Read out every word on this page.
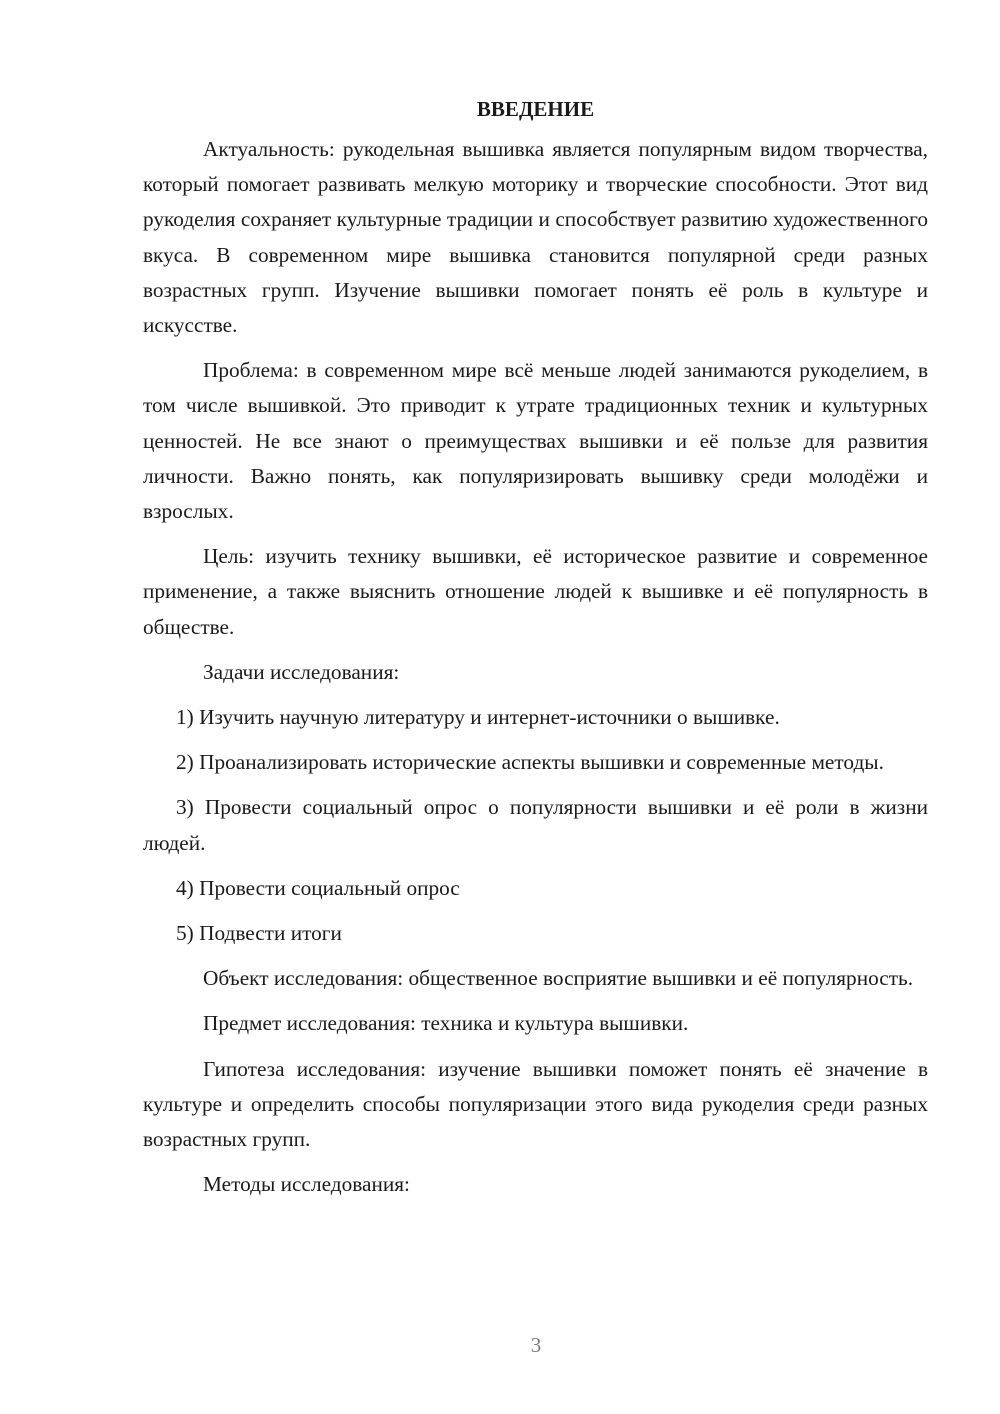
ВВЕДЕНИЕ

Актуальность: рукодельная вышивка является популярным видом творчества, который помогает развивать мелкую моторику и творческие способности. Этот вид рукоделия сохраняет культурные традиции и способствует развитию художественного вкуса. В современном мире вышивка становится популярной среди разных возрастных групп. Изучение вышивки помогает понять её роль в культуре и искусстве.

Проблема: в современном мире всё меньше людей занимаются рукоделием, в том числе вышивкой. Это приводит к утрате традиционных техник и культурных ценностей. Не все знают о преимуществах вышивки и её пользе для развития личности. Важно понять, как популяризировать вышивку среди молодёжи и взрослых.

Цель: изучить технику вышивки, её историческое развитие и современное применение, а также выяснить отношение людей к вышивке и её популярность в обществе.

Задачи исследования:

1) Изучить научную литературу и интернет-источники о вышивке.

2) Проанализировать исторические аспекты вышивки и современные методы.

3) Провести социальный опрос о популярности вышивки и её роли в жизни людей.

4) Провести социальный опрос

5) Подвести итоги

Объект исследования: общественное восприятие вышивки и её популярность.

Предмет исследования: техника и культура вышивки.

Гипотеза исследования: изучение вышивки поможет понять её значение в культуре и определить способы популяризации этого вида рукоделия среди разных возрастных групп.

Методы исследования:

3
